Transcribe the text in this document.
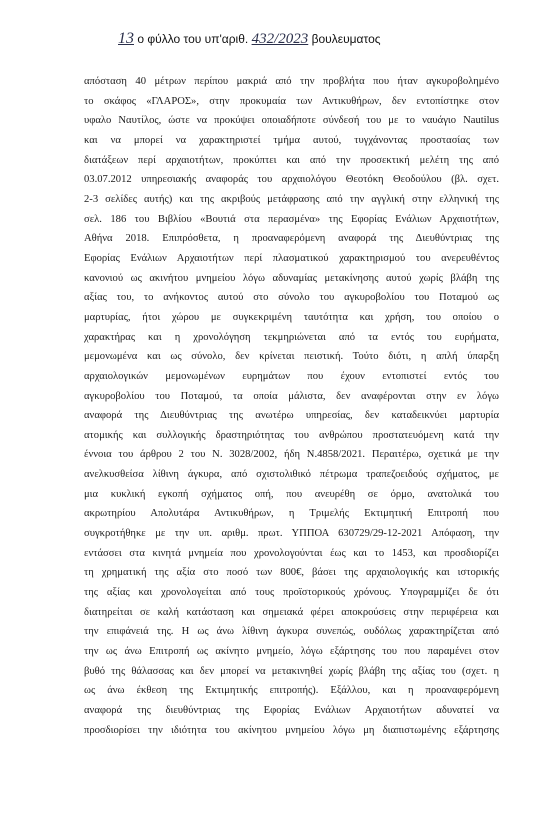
13 ο φύλλο του υπ'αριθ. 432/2023 βουλευματος
απόσταση 40 μέτρων περίπου μακριά από την προβλήτα που ήταν αγκυροβολημένο
το σκάφος «ΓΛΑΡΟΣ», στην προκυμαία των Αντικυθήρων, δεν εντοπίστηκε στον
υφαλο Ναυτίλος, ώστε να προκύψει οποιαδήποτε σύνδεσή του με το ναυάγιο Nautilus
και να μπορεί να χαρακτηριστεί τμήμα αυτού, τυγχάνοντας προστασίας των
διατάξεων περί αρχαιοτήτων, προκύπτει και από την προσεκτική μελέτη της από
03.07.2012 υπηρεσιακής αναφοράς του αρχαιολόγου Θεοτόκη Θεοδούλου (βλ. σχετ.
2-3 σελίδες αυτής) και της ακριβούς μετάφρασης από την αγγλική στην ελληνική της
σελ. 186 του Βιβλίου «Βουτιά στα περασμένα» της Εφορίας Ενάλιων Αρχαιοτήτων,
Αθήνα 2018. Επιπρόσθετα, η προαναφερόμενη αναφορά της Διευθύντριας της
Εφορίας Ενάλιων Αρχαιοτήτων περί πλασματικού χαρακτηρισμού του ανερευθέντος
κανονιού ως ακινήτου μνημείου λόγω αδυναμίας μετακίνησης αυτού χωρίς βλάβη της
αξίας του, το ανήκοντος αυτού στο σύνολο του αγκυροβολίου του Ποταμού ως
μαρτυρίας, ήτοι χώρου με συγκεκριμένη ταυτότητα και χρήση, του οποίου ο
χαρακτήρας και η χρονολόγηση τεκμηριώνεται από τα εντός του ευρήματα,
μεμονωμένα και ως σύνολο, δεν κρίνεται πειστική. Τούτο διότι, η απλή ύπαρξη
αρχαιολογικών μεμονωμένων ευρημάτων που έχουν εντοπιστεί εντός του
αγκυροβολίου του Ποταμού, τα οποία μάλιστα, δεν αναφέρονται στην εν λόγω
αναφορά της Διευθύντριας της ανωτέρω υπηρεσίας, δεν καταδεικνύει μαρτυρία
ατομικής και συλλογικής δραστηριότητας του ανθρώπου προστατευόμενη κατά την
έννοια του άρθρου 2 του Ν. 3028/2002, ήδη Ν.4858/2021. Περαιτέρω, σχετικά με την
ανελκυσθείσα λίθινη άγκυρα, από σχιστολιθικό πέτρωμα τραπεζοειδούς σχήματος, με
μια κυκλική εγκοπή σχήματος οπή, που ανευρέθη σε όρμο, ανατολικά του
ακρωτηρίου Απολυτάρα Αντικυθήρων, η Τριμελής Εκτιμητική Επιτροπή που
συγκροτήθηκε με την υπ. αριθμ. πρωτ. ΥΠΠΟΑ 630729/29-12-2021 Απόφαση, την
εντάσσει στα κινητά μνημεία που χρονολογούνται έως και το 1453, και προσδιορίζει
τη χρηματική της αξία στο ποσό των 800€, βάσει της αρχαιολογικής και ιστορικής
της αξίας και χρονολογείται από τους προϊστορικούς χρόνους. Υπογραμμίζει δε ότι
διατηρείται σε καλή κατάσταση και σημειακά φέρει αποκρούσεις στην περιφέρεια και
την επιφάνειά της. Η ως άνω λίθινη άγκυρα συνεπώς, ουδόλως χαρακτηρίζεται από
την ως άνω Επιτροπή ως ακίνητο μνημείο, λόγω εξάρτησης του που παραμένει στον
βυθό της θάλασσας και δεν μπορεί να μετακινηθεί χωρίς βλάβη της αξίας του (σχετ. η
ως άνω έκθεση της Εκτιμητικής επιτροπής). Εξάλλου, και η προαναφερόμενη
αναφορά της διευθύντριας της Εφορίας Ενάλιων Αρχαιοτήτων αδυνατεί να
προσδιορίσει την ιδιότητα του ακίνητου μνημείου λόγω μη διαπιστωμένης εξάρτησης
